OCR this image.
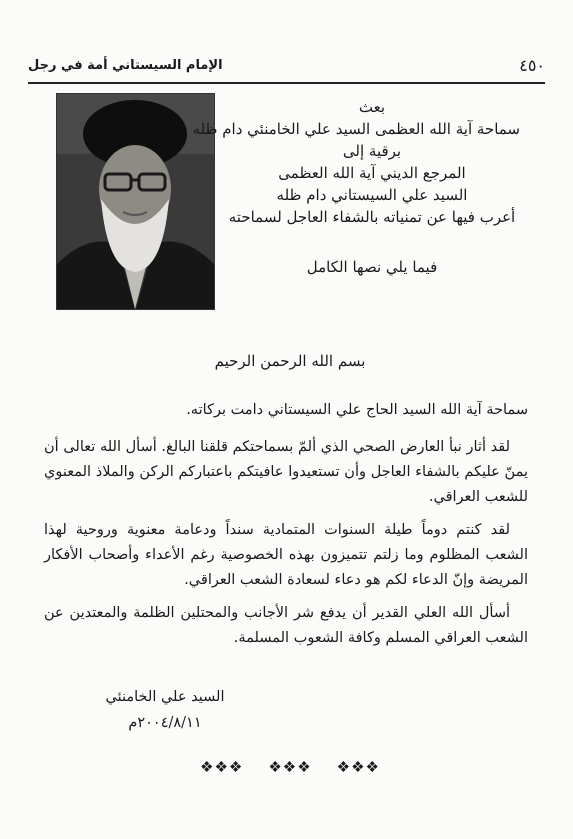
الإمام السيستاني أمة في رجل	٤٥٠
بعث
سماحة آية الله العظمى السيد علي الخامنئي دام ظله
برقية إلى
المرجع الديني آية الله العظمى
السيد علي السيستاني دام ظله
أعرب فيها عن تمنياته بالشفاء العاجل لسماحته
فيما يلي نصها الكامل
بسم الله الرحمن الرحيم

سماحة آية الله السيد الحاج علي السيستاني دامت بركاته.

لقد أثار نبأ العارض الصحي الذي ألمّ بسماحتكم قلقنا البالغ. أسأل الله تعالى أن يمنّ عليكم بالشفاء العاجل وأن تستعيدوا عافيتكم باعتباركم الركن والملاذ المعنوي للشعب العراقي.

لقد كنتم دوماً طيلة السنوات المتمادية سنداً ودعامة معنوية وروحية لهذا الشعب المظلوم وما زلتم تتميزون بهذه الخصوصية رغم الأعداء وأصحاب الأفكار المريضة وإنّ الدعاء لكم هو دعاء لسعادة الشعب العراقي.

أسأل الله العلي القدير أن يدفع شر الأجانب والمحتلين الظلمة والمعتدين عن الشعب العراقي المسلم وكافة الشعوب المسلمة.

السيد علي الخامنئي
٢٠٠٤/٨/١١م
❖❖❖ ❖❖❖ ❖❖❖
